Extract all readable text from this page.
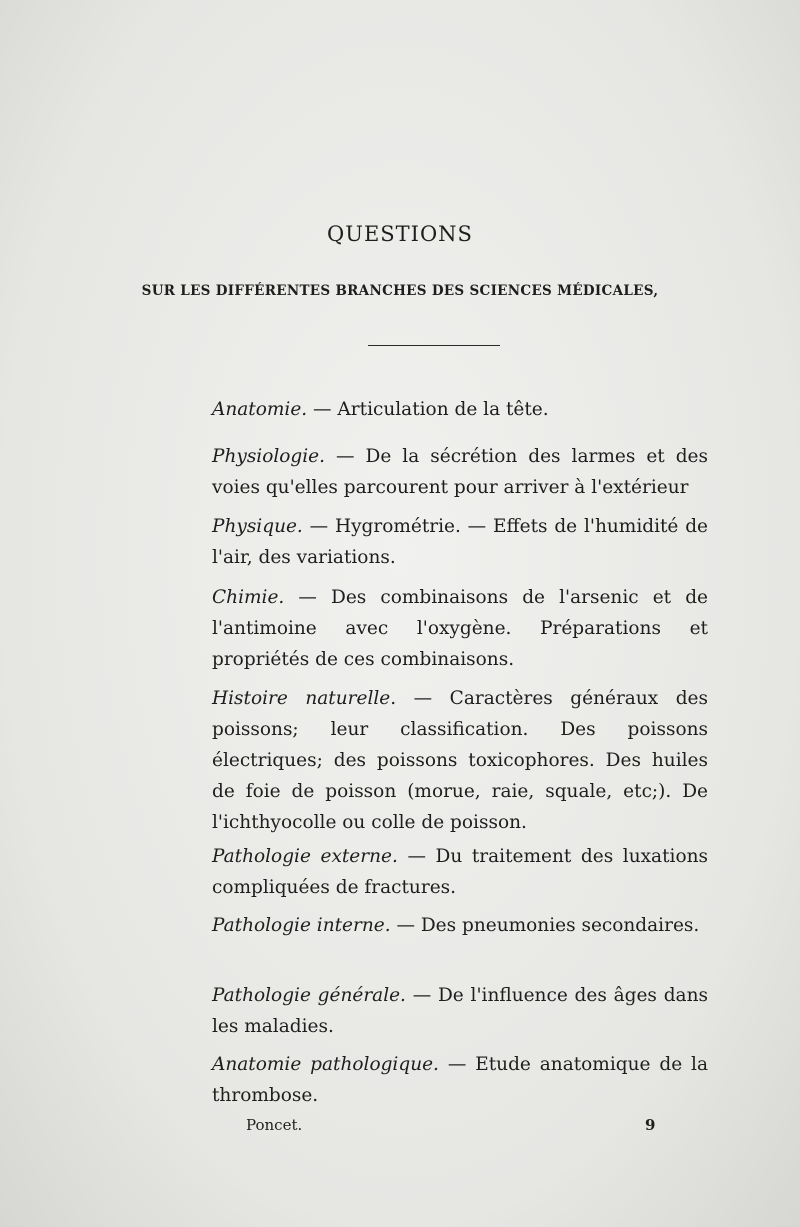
QUESTIONS
SUR LES DIFFÉRENTES BRANCHES DES SCIENCES MÉDICALES,

Anatomie. — Articulation de la tête.

Physiologie. — De la sécrétion des larmes et des voies qu'elles parcourent pour arriver à l'extérieur

Physique. — Hygrométrie. — Effets de l'humidité de l'air, des variations.

Chimie. — Des combinaisons de l'arsenic et de l'antimoine avec l'oxygène. Préparations et propriétés de ces combinaisons.

Histoire naturelle. — Caractères généraux des poissons; leur classification. Des poissons électriques; des poissons toxicophores. Des huiles de foie de poisson (morue, raie, squale, etc;). De l'ichthyocolle ou colle de poisson.

Pathologie externe. — Du traitement des luxations compliquées de fractures.

Pathologie interne. — Des pneumonies secondaires.

Pathologie générale. — De l'influence des âges dans les maladies.

Anatomie pathologique. — Etude anatomique de la thrombose.

Poncet.	9
